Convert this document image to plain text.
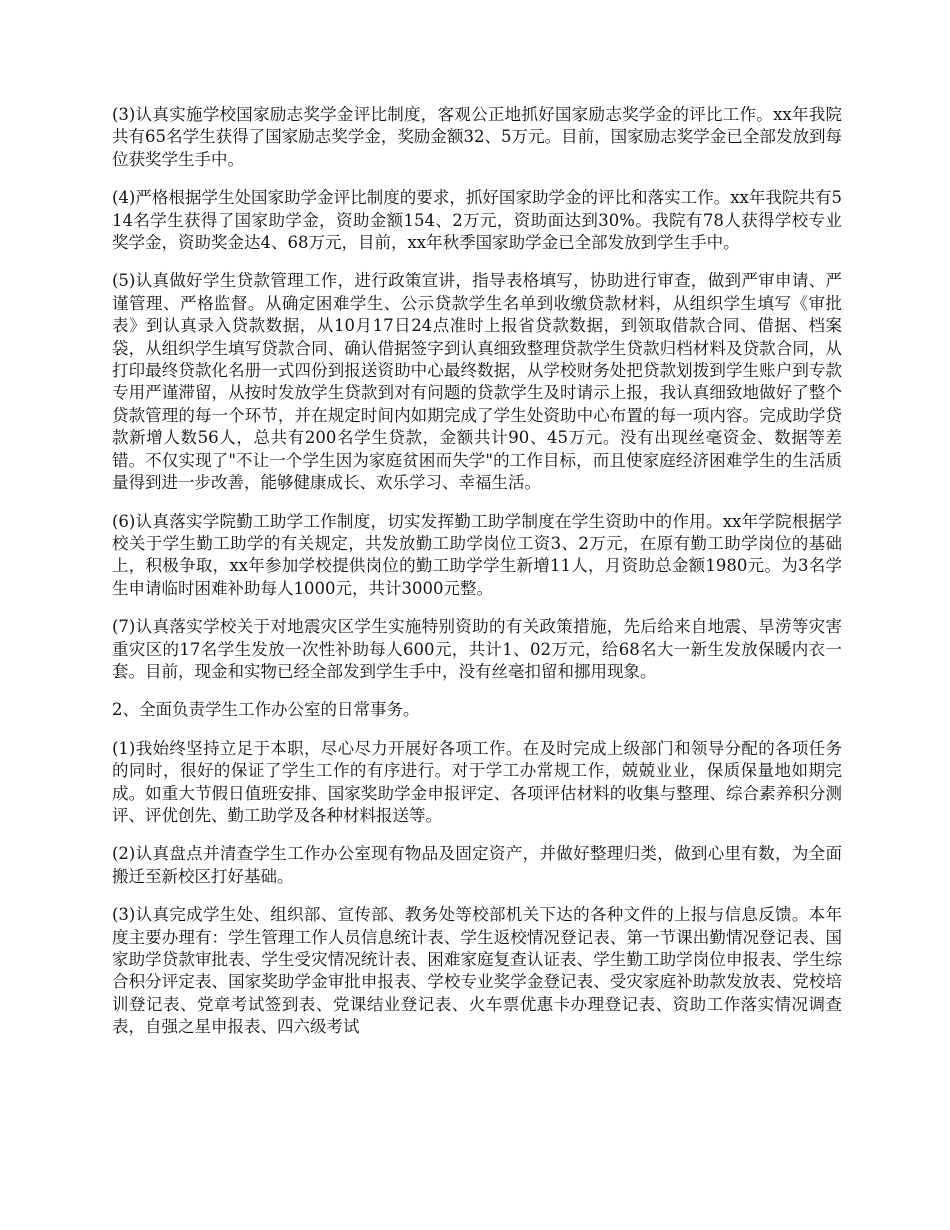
(3)认真实施学校国家励志奖学金评比制度，客观公正地抓好国家励志奖学金的评比工作。xx年我院共有65名学生获得了国家励志奖学金，奖励金额32、5万元。目前，国家励志奖学金已全部发放到每位获奖学生手中。

(4)严格根据学生处国家助学金评比制度的要求，抓好国家助学金的评比和落实工作。xx年我院共有514名学生获得了国家助学金，资助金额154、2万元，资助面达到30%。我院有78人获得学校专业奖学金，资助奖金达4、68万元，目前，xx年秋季国家助学金已全部发放到学生手中。

(5)认真做好学生贷款管理工作，进行政策宣讲，指导表格填写，协助进行审查，做到严审申请、严谨管理、严格监督。从确定困难学生、公示贷款学生名单到收缴贷款材料，从组织学生填写《审批表》到认真录入贷款数据，从10月17日24点准时上报省贷款数据，到领取借款合同、借据、档案袋，从组织学生填写贷款合同、确认借据签字到认真细致整理贷款学生贷款归档材料及贷款合同，从打印最终贷款化名册一式四份到报送资助中心最终数据，从学校财务处把贷款划拨到学生账户到专款专用严谨滞留，从按时发放学生贷款到对有问题的贷款学生及时请示上报，我认真细致地做好了整个贷款管理的每一个环节，并在规定时间内如期完成了学生处资助中心布置的每一项内容。完成助学贷款新增人数56人，总共有200名学生贷款，金额共计90、45万元。没有出现丝毫资金、数据等差错。不仅实现了"不让一个学生因为家庭贫困而失学"的工作目标，而且使家庭经济困难学生的生活质量得到进一步改善，能够健康成长、欢乐学习、幸福生活。

(6)认真落实学院勤工助学工作制度，切实发挥勤工助学制度在学生资助中的作用。xx年学院根据学校关于学生勤工助学的有关规定，共发放勤工助学岗位工资3、2万元，在原有勤工助学岗位的基础上，积极争取，xx年参加学校提供岗位的勤工助学学生新增11人，月资助总金额1980元。为3名学生申请临时困难补助每人1000元，共计3000元整。

(7)认真落实学校关于对地震灾区学生实施特别资助的有关政策措施，先后给来自地震、旱涝等灾害重灾区的17名学生发放一次性补助每人600元，共计1、02万元，给68名大一新生发放保暖内衣一套。目前，现金和实物已经全部发到学生手中，没有丝毫扣留和挪用现象。

2、全面负责学生工作办公室的日常事务。

(1)我始终坚持立足于本职，尽心尽力开展好各项工作。在及时完成上级部门和领导分配的各项任务的同时，很好的保证了学生工作的有序进行。对于学工办常规工作，兢兢业业，保质保量地如期完成。如重大节假日值班安排、国家奖助学金申报评定、各项评估材料的收集与整理、综合素养积分测评、评优创先、勤工助学及各种材料报送等。

(2)认真盘点并清查学生工作办公室现有物品及固定资产，并做好整理归类，做到心里有数，为全面搬迁至新校区打好基础。

(3)认真完成学生处、组织部、宣传部、教务处等校部机关下达的各种文件的上报与信息反馈。本年度主要办理有：学生管理工作人员信息统计表、学生返校情况登记表、第一节课出勤情况登记表、国家助学贷款审批表、学生受灾情况统计表、困难家庭复查认证表、学生勤工助学岗位申报表、学生综合积分评定表、国家奖助学金审批申报表、学校专业奖学金登记表、受灾家庭补助款发放表、党校培训登记表、党章考试签到表、党课结业登记表、火车票优惠卡办理登记表、资助工作落实情况调查表，自强之星申报表、四六级考试
